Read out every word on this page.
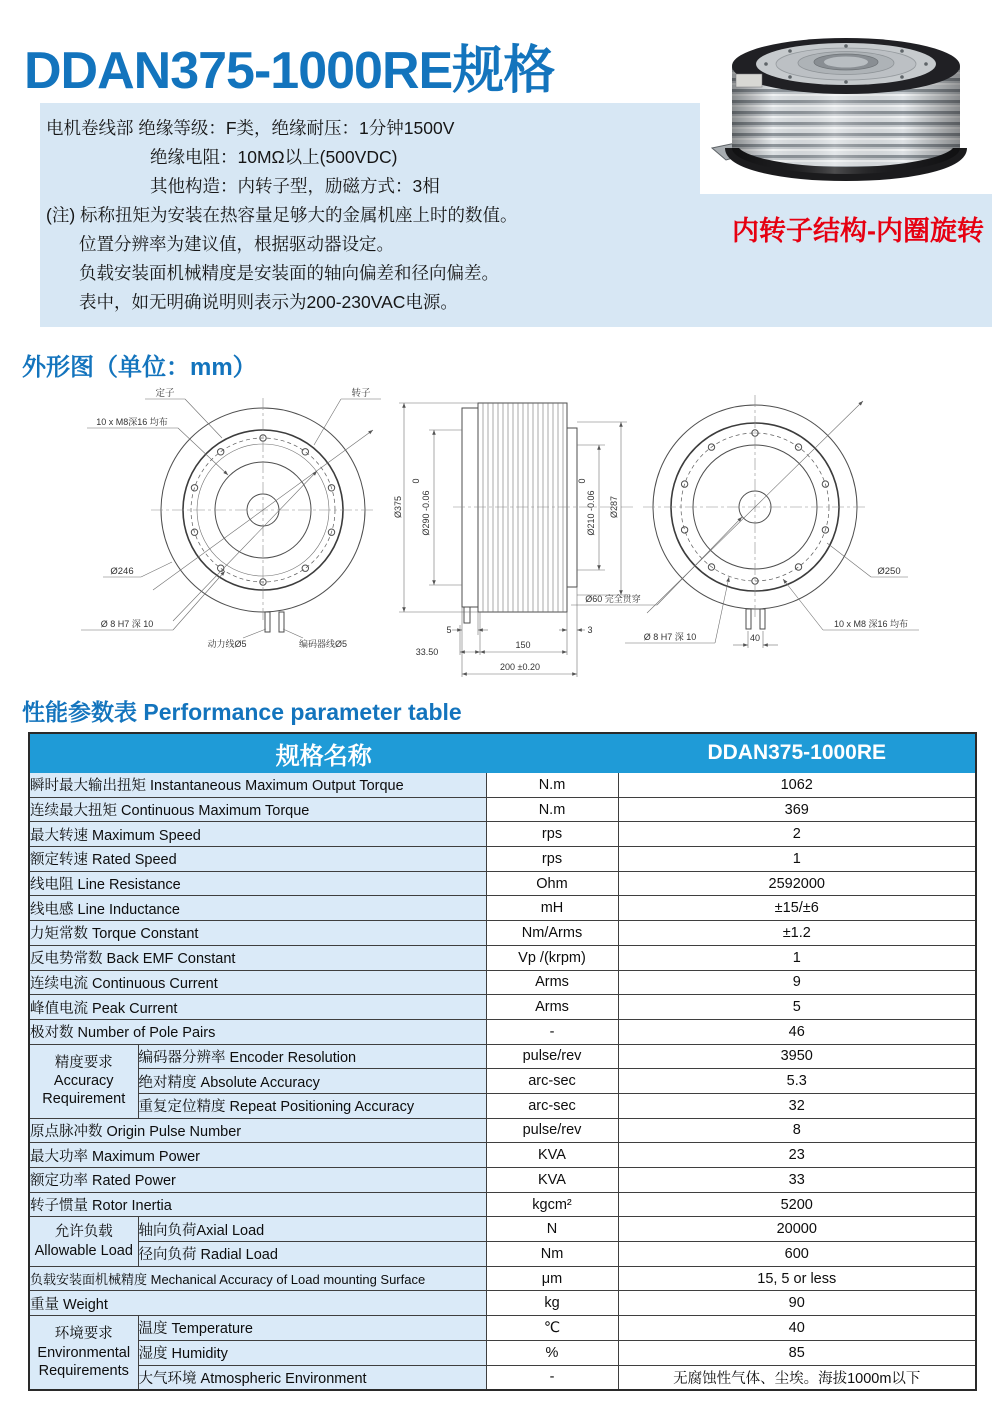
DDAN375-1000RE规格
电机卷线部 绝缘等级：F类，绝缘耐压：1分钟1500V
绝缘电阻：10MΩ以上(500VDC)
其他构造：内转子型，励磁方式：3相
(注) 标称扭矩为安装在热容量足够大的金属机座上时的数值。
位置分辨率为建议值，根据驱动器设定。
负载安装面机械精度是安装面的轴向偏差和径向偏差。
表中，如无明确说明则表示为200-230VAC电源。
内转子结构-内圈旋转
外形图（单位：mm）
定子	转子
10 x M8深16 均布
Ø246
Ø 8 H7 深 10
动力线Ø5	编码器线Ø5
Ø375 Ø290 -0.06
0
Ø210 -0.06
0
Ø287
5
33.50
150
200 ±0.20
3
Ø60 完全贯穿
Ø 8 H7 深 10
10 x M8 深16 均布
Ø250
40
性能参数表 Performance parameter table
规格名称			DDAN375-1000RE
瞬时最大输出扭矩 Instantaneous Maximum Output Torque		N.m	1062
连续最大扭矩 Continuous Maximum Torque		N.m	369
最大转速 Maximum Speed		rps	2
额定转速 Rated Speed		rps	1
线电阻 Line Resistance		Ohm	2592000
线电感 Line Inductance		mH	±15/±6
力矩常数 Torque Constant		Nm/Arms	±1.2
反电势常数 Back EMF Constant		Vp /(krpm)	1
连续电流 Continuous Current		Arms	9
峰值电流 Peak Current		Arms	5
极对数 Number of Pole Pairs		-	46

精度要求
Accuracy Requirement	编码器分辨率 Encoder Resolution	pulse/rev	3950
	绝对精度 Absolute Accuracy	arc-sec	5.3
	重复定位精度 Repeat Positioning Accuracy	arc-sec	32
原点脉冲数 Origin Pulse Number		pulse/rev	8
最大功率 Maximum Power		KVA	23
额定功率 Rated Power		KVA	33
转子惯量 Rotor Inertia		kgcm²	5200

允许负载
Allowable Load	轴向负荷Axial Load	N	20000
	径向负荷 Radial Load	Nm	600
负载安装面机械精度 Mechanical Accuracy of Load mounting Surface		μm	15, 5 or less
重量 Weight		kg	90

环境要求
Environmental Requirements	温度 Temperature	℃	40
	湿度 Humidity	%	85
	大气环境 Atmospheric Environment	-	无腐蚀性气体、尘埃。海拔1000m以下
